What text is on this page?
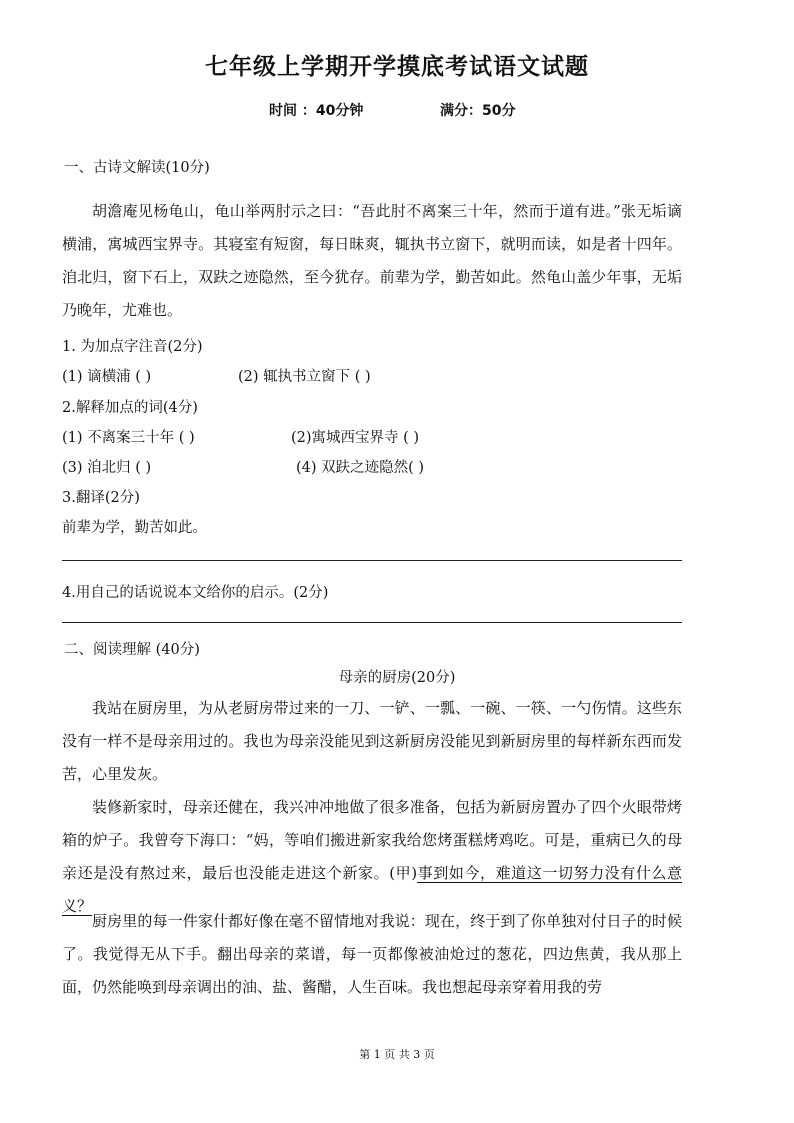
七年级上学期开学摸底考试语文试题
时间 ：40分钟	满分：50分
一、古诗文解读(10分)

胡澹庵见杨龟山，龟山举两肘示之曰：“吾此肘不离案三十年，然而于道有进。”张无垢谪横浦，寓城西宝界寺。其寝室有短窗，每日昧爽，辄执书立窗下，就明而读，如是者十四年。洎北归，窗下石上，双趺之迹隐然，至今犹存。前辈为学，勤苦如此。然龟山盖少年事，无垢乃晚年，尤难也。

1. 为加点字注音(2分)
(1) 谪横浦 ( )	(2) 辄执书立窗下 ( )
2.解释加点的词(4分)
(1) 不离案三十年 ( )	(2)寓城西宝界寺 ( )
(3) 洎北归 ( )	(4) 双趺之迹隐然( )
3.翻译(2分)
前辈为学，勤苦如此。
4.用自己的话说说本文给你的启示。(2分)
二、阅读理解 (40分)
母亲的厨房(20分)

我站在厨房里，为从老厨房带过来的一刀、一铲、一瓢、一碗、一筷、一勺伤情。这些东没有一样不是母亲用过的。我也为母亲没能见到这新厨房没能见到新厨房里的每样新东西而发苦，心里发灰。

装修新家时，母亲还健在，我兴冲冲地做了很多准备，包括为新厨房置办了四个火眼带烤箱的炉子。我曾夸下海口：“妈，等咱们搬进新家我给您烤蛋糕烤鸡吃。可是，重病已久的母亲还是没有熬过来，最后也没能走进这个新家。(甲)事到如今，难道这一切努力没有什么意义？

厨房里的每一件家什都好像在毫不留情地对我说：现在，终于到了你单独对付日子的时候了。我觉得无从下手。翻出母亲的菜谱，每一页都像被油炝过的葱花，四边焦黄，我从那上面，仍然能唤到母亲调出的油、盐、酱醋，人生百味。我也想起母亲穿着用我的劳

第 1 页 共 3 页
